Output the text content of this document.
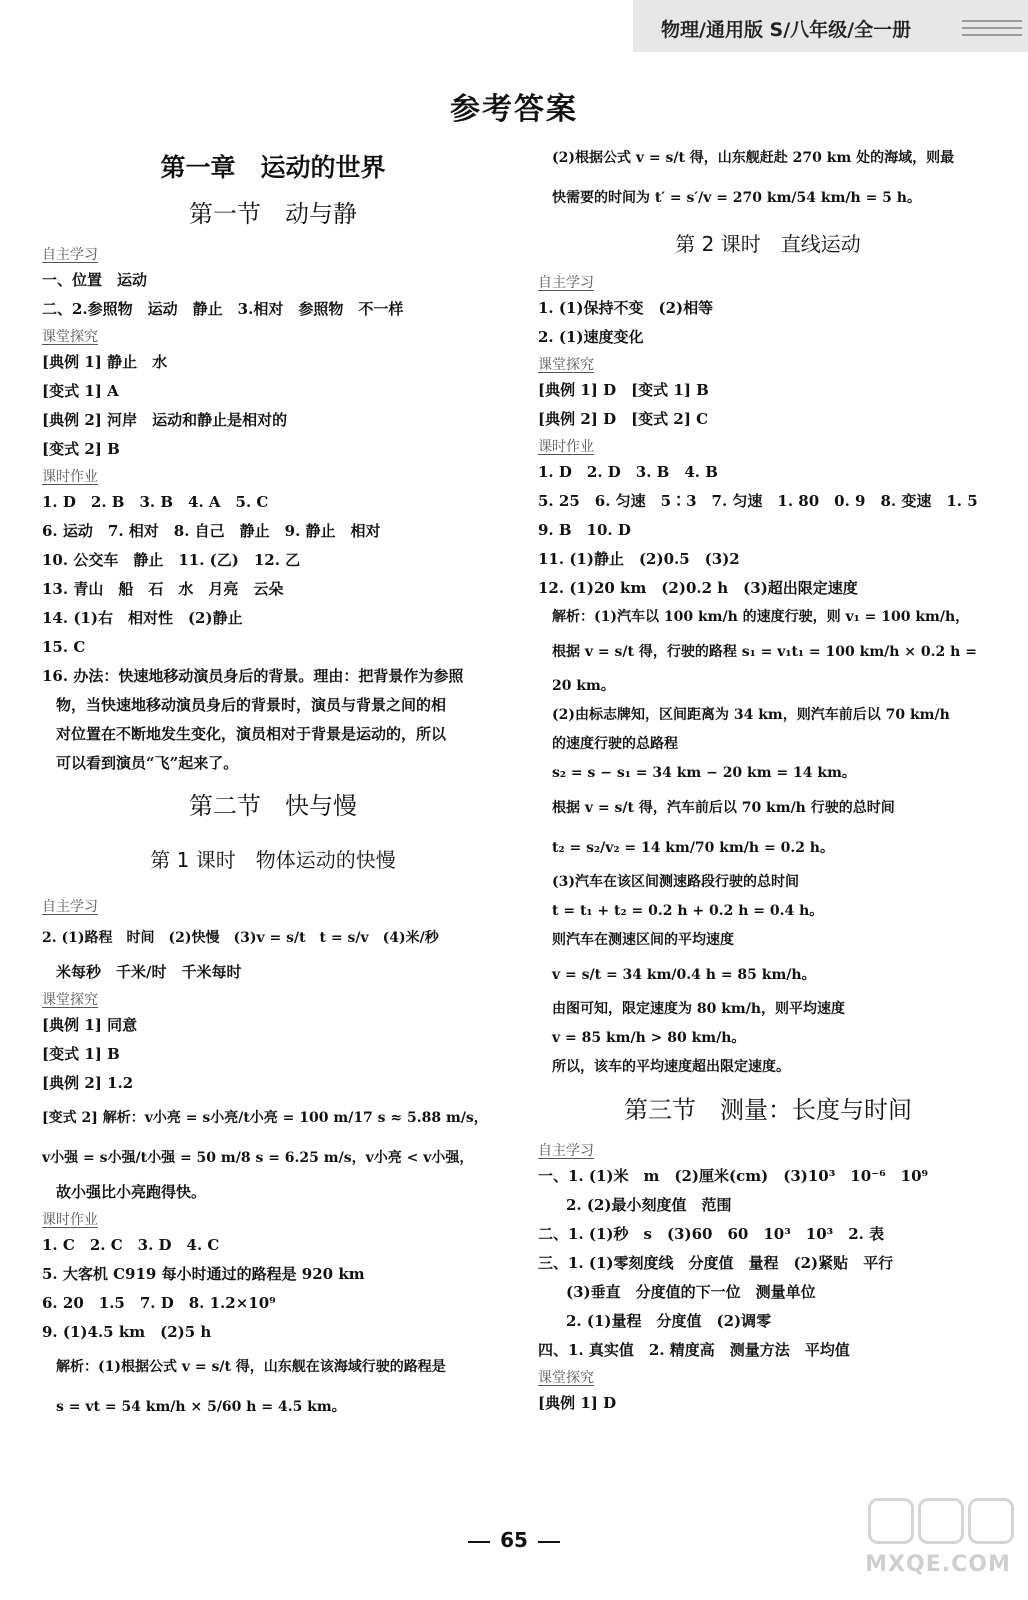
物理/通用版 S/八年级/全一册
参考答案
第一章　运动的世界
第一节　动与静
自主学习
一、位置　运动
二、2.参照物　运动　静止　3.相对　参照物　不一样
课堂探究
[典例 1] 静止　水
[变式 1] A
[典例 2] 河岸　运动和静止是相对的
[变式 2] B
课时作业
1. D　2. B　3. B　4. A　5. C
6. 运动　7. 相对　8. 自己　静止　9. 静止　相对
10. 公交车　静止　11. (乙)　12. 乙
13. 青山　船　石　水　月亮　云朵
14. (1)右　相对性　(2)静止
15. C
16. 办法：快速地移动演员身后的背景。理由：把背景作为参照
物，当快速地移动演员身后的背景时，演员与背景之间的相
对位置在不断地发生变化，演员相对于背景是运动的，所以
可以看到演员“飞”起来了。
第二节　快与慢
第 1 课时　物体运动的快慢
自主学习
2. (1)路程　时间　(2)快慢　(3)v = s/t　t = s/v　(4)米/秒
米每秒　千米/时　千米每时
课堂探究
[典例 1] 同意
[变式 1] B
[典例 2] 1.2
[变式 2] 解析：v小亮 = s小亮/t小亮 = 100 m/17 s ≈ 5.88 m/s，
v小强 = s小强/t小强 = 50 m/8 s = 6.25 m/s，v小亮 < v小强，
故小强比小亮跑得快。
课时作业
1. C　2. C　3. D　4. C
5. 大客机 C919 每小时通过的路程是 920 km
6. 20　1.5　7. D　8. 1.2×10⁹
9. (1)4.5 km　(2)5 h
解析：(1)根据公式 v = s/t 得，山东舰在该海域行驶的路程是
s = vt = 54 km/h × 5/60 h = 4.5 km。
(2)根据公式 v = s/t 得，山东舰赶赴 270 km 处的海域，则最
快需要的时间为 t′ = s′/v = 270 km/54 km/h = 5 h。
第 2 课时　直线运动
自主学习
1. (1)保持不变　(2)相等
2. (1)速度变化
课堂探究
[典例 1] D　[变式 1] B
[典例 2] D　[变式 2] C
课时作业
1. D　2. D　3. B　4. B
5. 25　6. 匀速　5∶3　7. 匀速　1. 80　0. 9　8. 变速　1. 5
9. B　10. D
11. (1)静止　(2)0.5　(3)2
12. (1)20 km　(2)0.2 h　(3)超出限定速度
解析：(1)汽车以 100 km/h 的速度行驶，则 v₁ = 100 km/h，
根据 v = s/t 得，行驶的路程 s₁ = v₁t₁ = 100 km/h × 0.2 h =
20 km。
(2)由标志牌知，区间距离为 34 km，则汽车前后以 70 km/h
的速度行驶的总路程
s₂ = s − s₁ = 34 km − 20 km = 14 km。
根据 v = s/t 得，汽车前后以 70 km/h 行驶的总时间
t₂ = s₂/v₂ = 14 km/70 km/h = 0.2 h。
(3)汽车在该区间测速路段行驶的总时间
t = t₁ + t₂ = 0.2 h + 0.2 h = 0.4 h。
则汽车在测速区间的平均速度
v = s/t = 34 km/0.4 h = 85 km/h。
由图可知，限定速度为 80 km/h，则平均速度
v = 85 km/h > 80 km/h。
所以，该车的平均速度超出限定速度。
第三节　测量：长度与时间
自主学习
一、1. (1)米　m　(2)厘米(cm)　(3)10³　10⁻⁶　10⁹
2. (2)最小刻度值　范围
二、1. (1)秒　s　(3)60　60　10³　10³　2. 表
三、1. (1)零刻度线　分度值　量程　(2)紧贴　平行
(3)垂直　分度值的下一位　测量单位
2. (1)量程　分度值　(2)调零
四、1. 真实值　2. 精度高　测量方法　平均值
课堂探究
[典例 1] D
65
MXQE.COM
